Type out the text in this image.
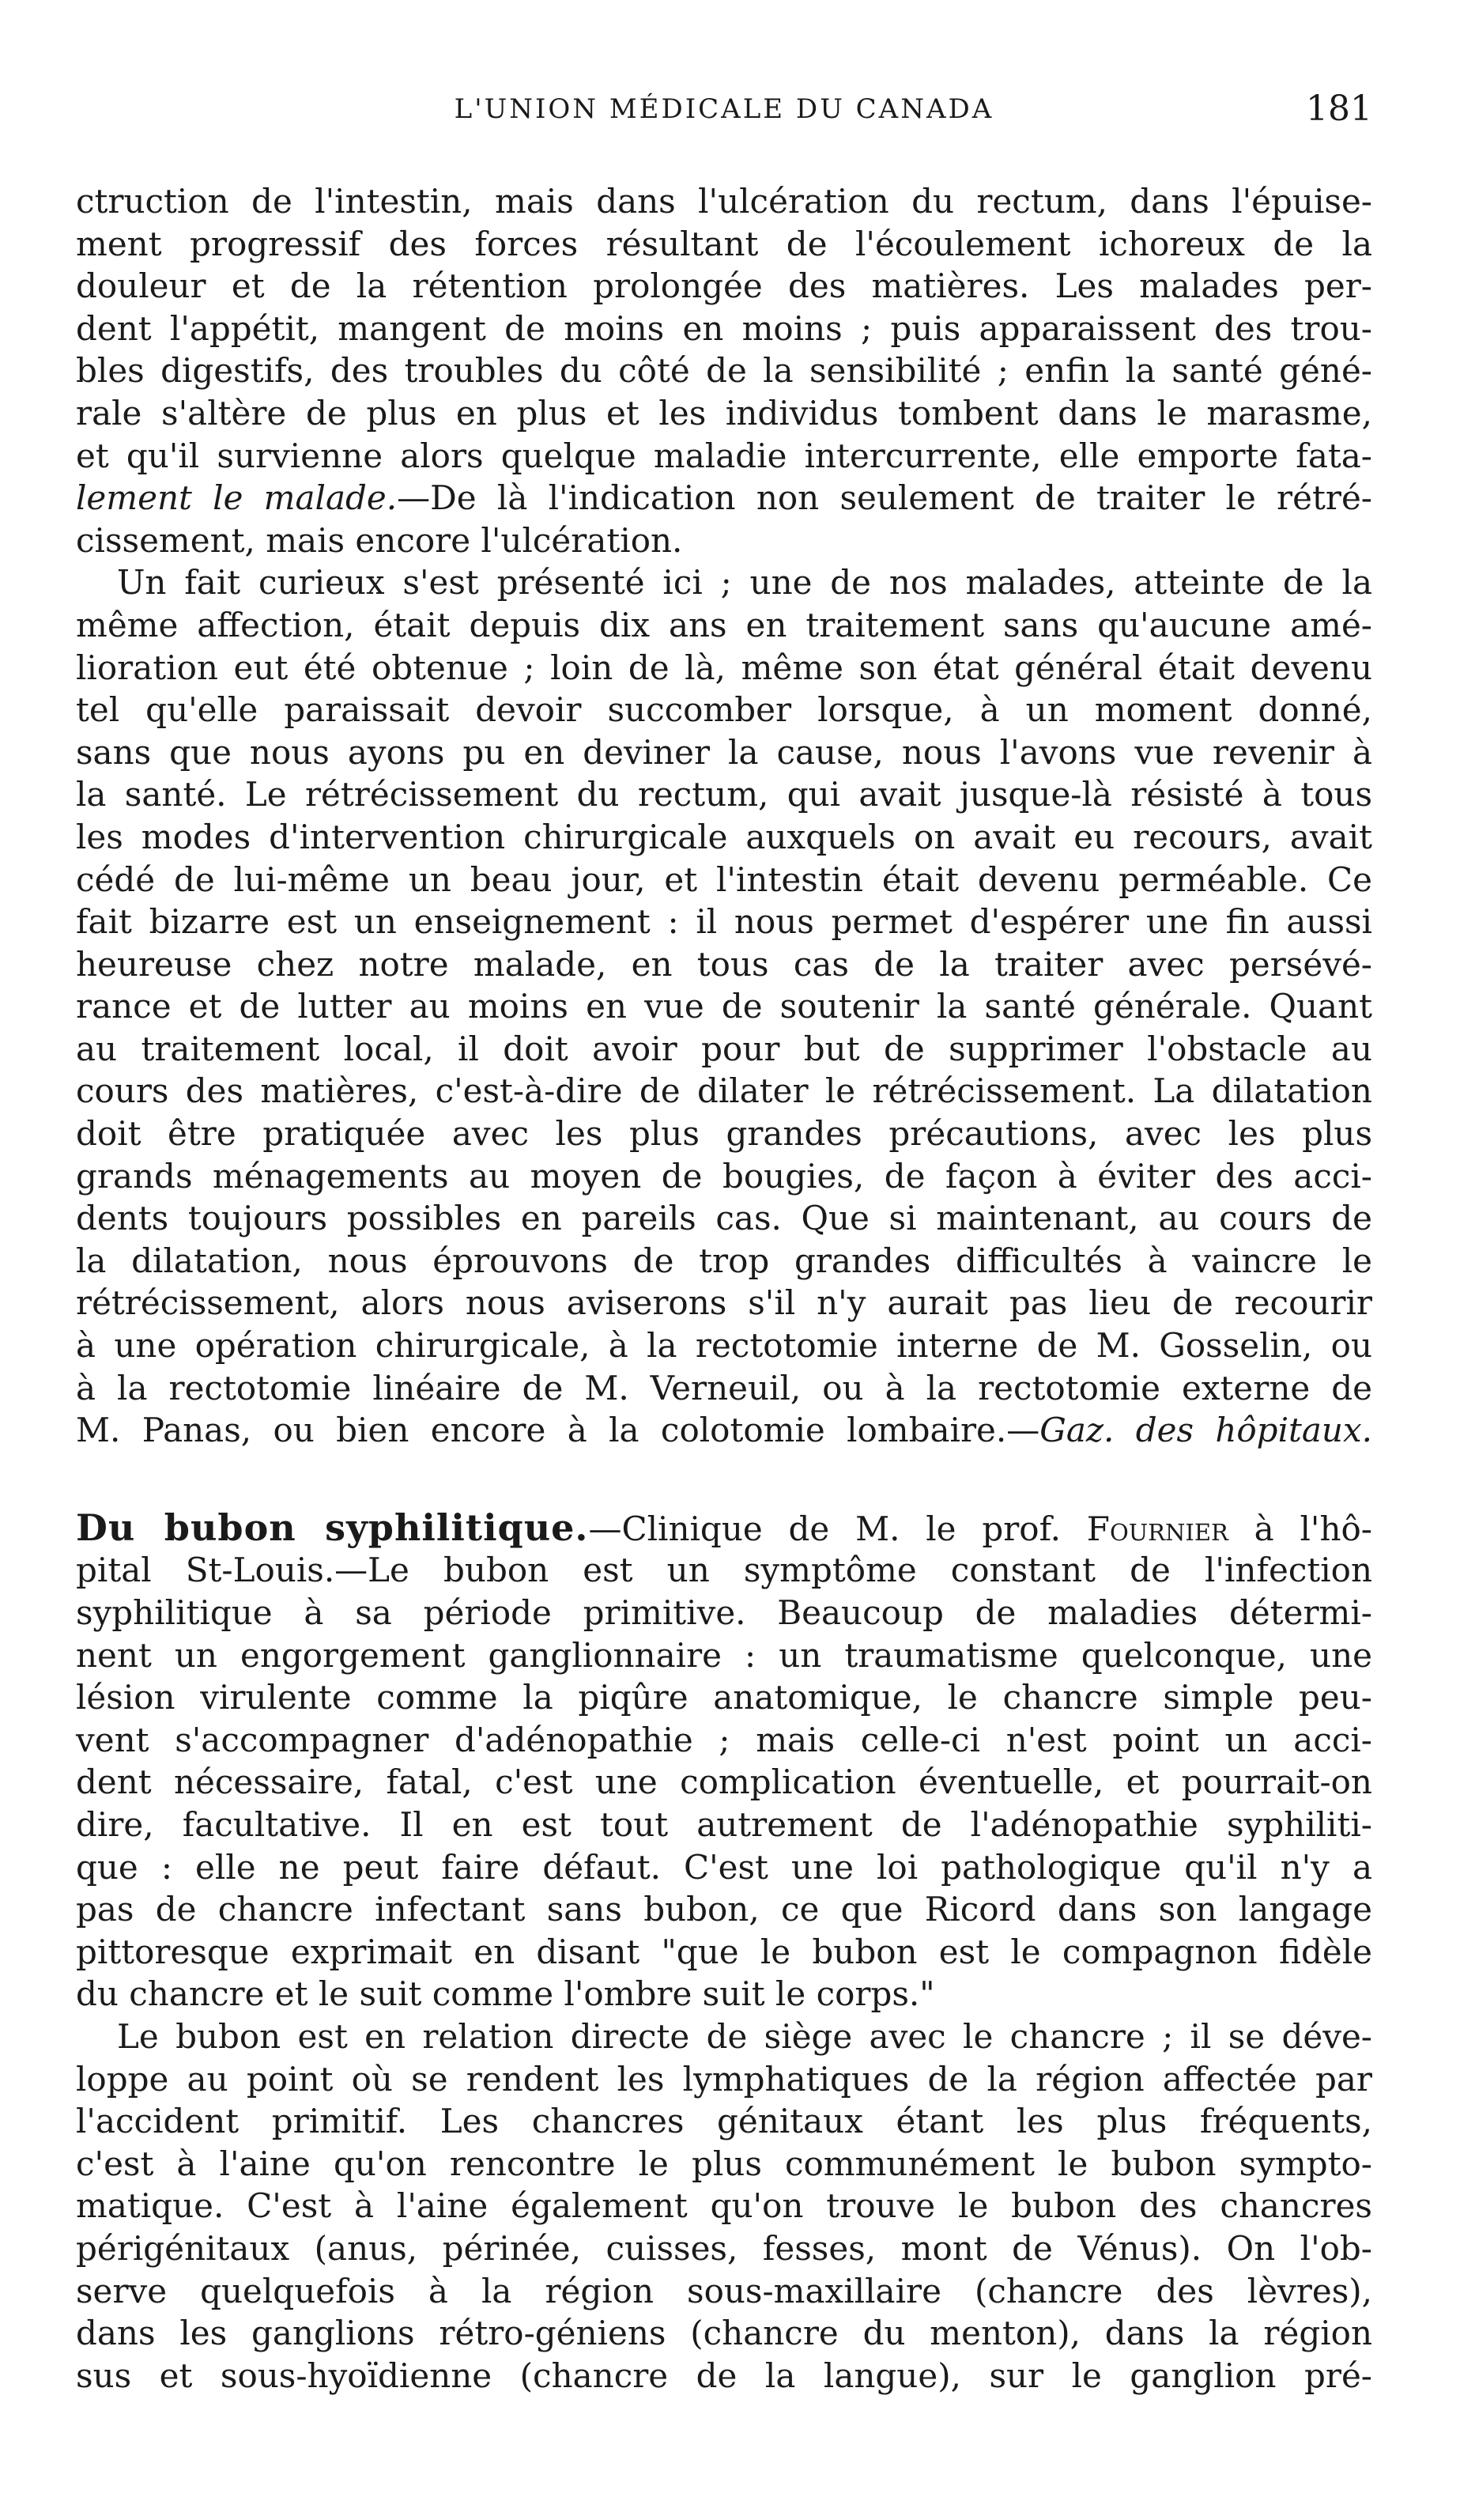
L'UNION MÉDICALE DU CANADA	181
ctruction de l'intestin, mais dans l'ulcération du rectum, dans l'épuise-
ment progressif des forces résultant de l'écoulement ichoreux de la
douleur et de la rétention prolongée des matières. Les malades per-
dent l'appétit, mangent de moins en moins ; puis apparaissent des trou-
bles digestifs, des troubles du côté de la sensibilité ; enfin la santé géné-
rale s'altère de plus en plus et les individus tombent dans le marasme,
et qu'il survienne alors quelque maladie intercurrente, elle emporte fata-
lement le malade.—De là l'indication non seulement de traiter le rétré-
cissement, mais encore l'ulcération.
Un fait curieux s'est présenté ici ; une de nos malades, atteinte de la
même affection, était depuis dix ans en traitement sans qu'aucune amé-
lioration eut été obtenue ; loin de là, même son état général était devenu
tel qu'elle paraissait devoir succomber lorsque, à un moment donné,
sans que nous ayons pu en deviner la cause, nous l'avons vue revenir à
la santé. Le rétrécissement du rectum, qui avait jusque-là résisté à tous
les modes d'intervention chirurgicale auxquels on avait eu recours, avait
cédé de lui-même un beau jour, et l'intestin était devenu perméable. Ce
fait bizarre est un enseignement : il nous permet d'espérer une fin aussi
heureuse chez notre malade, en tous cas de la traiter avec persévé-
rance et de lutter au moins en vue de soutenir la santé générale. Quant
au traitement local, il doit avoir pour but de supprimer l'obstacle au
cours des matières, c'est-à-dire de dilater le rétrécissement. La dilatation
doit être pratiquée avec les plus grandes précautions, avec les plus
grands ménagements au moyen de bougies, de façon à éviter des acci-
dents toujours possibles en pareils cas. Que si maintenant, au cours de
la dilatation, nous éprouvons de trop grandes difficultés à vaincre le
rétrécissement, alors nous aviserons s'il n'y aurait pas lieu de recourir
à une opération chirurgicale, à la rectotomie interne de M. Gosselin, ou
à la rectotomie linéaire de M. Verneuil, ou à la rectotomie externe de
M. Panas, ou bien encore à la colotomie lombaire.—Gaz. des hôpitaux.
Du bubon syphilitique.—Clinique de M. le prof. Fournier à l'hô-
pital St-Louis.—Le bubon est un symptôme constant de l'infection
syphilitique à sa période primitive. Beaucoup de maladies détermi-
nent un engorgement ganglionnaire : un traumatisme quelconque, une
lésion virulente comme la piqûre anatomique, le chancre simple peu-
vent s'accompagner d'adénopathie ; mais celle-ci n'est point un acci-
dent nécessaire, fatal, c'est une complication éventuelle, et pourrait-on
dire, facultative. Il en est tout autrement de l'adénopathie syphiliti-
que : elle ne peut faire défaut. C'est une loi pathologique qu'il n'y a
pas de chancre infectant sans bubon, ce que Ricord dans son langage
pittoresque exprimait en disant "que le bubon est le compagnon fidèle
du chancre et le suit comme l'ombre suit le corps."
Le bubon est en relation directe de siège avec le chancre ; il se déve-
loppe au point où se rendent les lymphatiques de la région affectée par
l'accident primitif. Les chancres génitaux étant les plus fréquents,
c'est à l'aine qu'on rencontre le plus communément le bubon sympto-
matique. C'est à l'aine également qu'on trouve le bubon des chancres
périgénitaux (anus, périnée, cuisses, fesses, mont de Vénus). On l'ob-
serve quelquefois à la région sous-maxillaire (chancre des lèvres),
dans les ganglions rétro-géniens (chancre du menton), dans la région
sus et sous-hyoïdienne (chancre de la langue), sur le ganglion pré-
